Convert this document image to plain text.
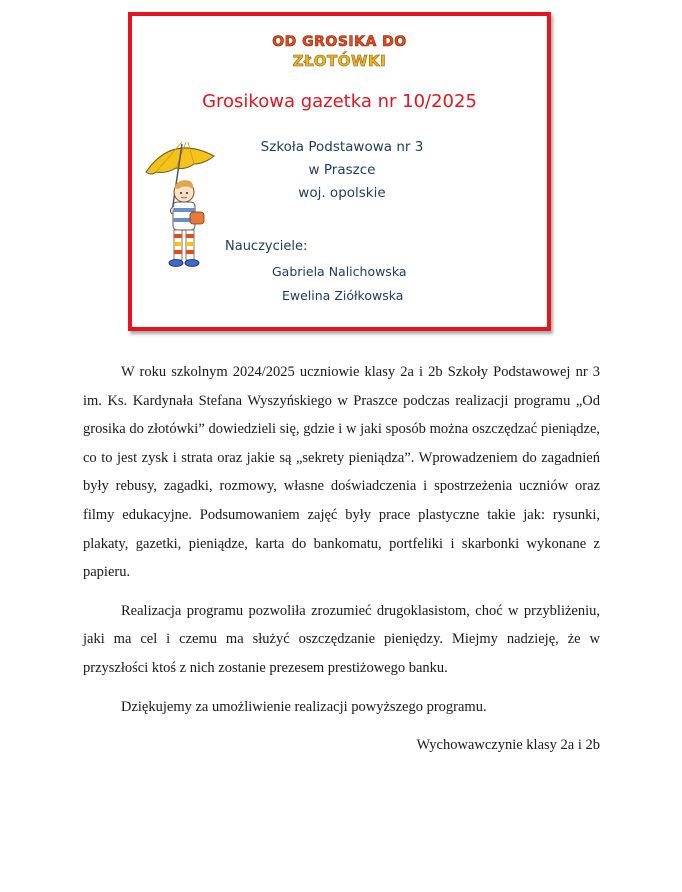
OD GROSIKA DO
ZŁOTÓWKI
Grosikowa gazetka nr 10/2025
Szkoła Podstawowa nr 3
w Praszce
woj. opolskie
Nauczyciele:
Gabriela Nalichowska
Ewelina Ziółkowska

W roku szkolnym 2024/2025 uczniowie klasy 2a i 2b Szkoły Podstawowej nr 3 im. Ks. Kardynała Stefana Wyszyńskiego w Praszce podczas realizacji programu „Od grosika do złotówki” dowiedzieli się, gdzie i w jaki sposób można oszczędzać pieniądze, co to jest zysk i strata oraz jakie są „sekrety pieniądza”. Wprowadzeniem do zagadnień były rebusy, zagadki, rozmowy, własne doświadczenia i spostrzeżenia uczniów oraz filmy edukacyjne. Podsumowaniem zajęć były prace plastyczne takie jak: rysunki, plakaty, gazetki, pieniądze, karta do bankomatu, portfeliki i skarbonki wykonane z papieru.

Realizacja programu pozwoliła zrozumieć drugoklasistom, choć w przybliżeniu, jaki ma cel i czemu ma służyć oszczędzanie pieniędzy. Miejmy nadzieję, że w przyszłości ktoś z nich zostanie prezesem prestiżowego banku.

Dziękujemy za umożliwienie realizacji powyższego programu.

Wychowawczynie klasy 2a i 2b
